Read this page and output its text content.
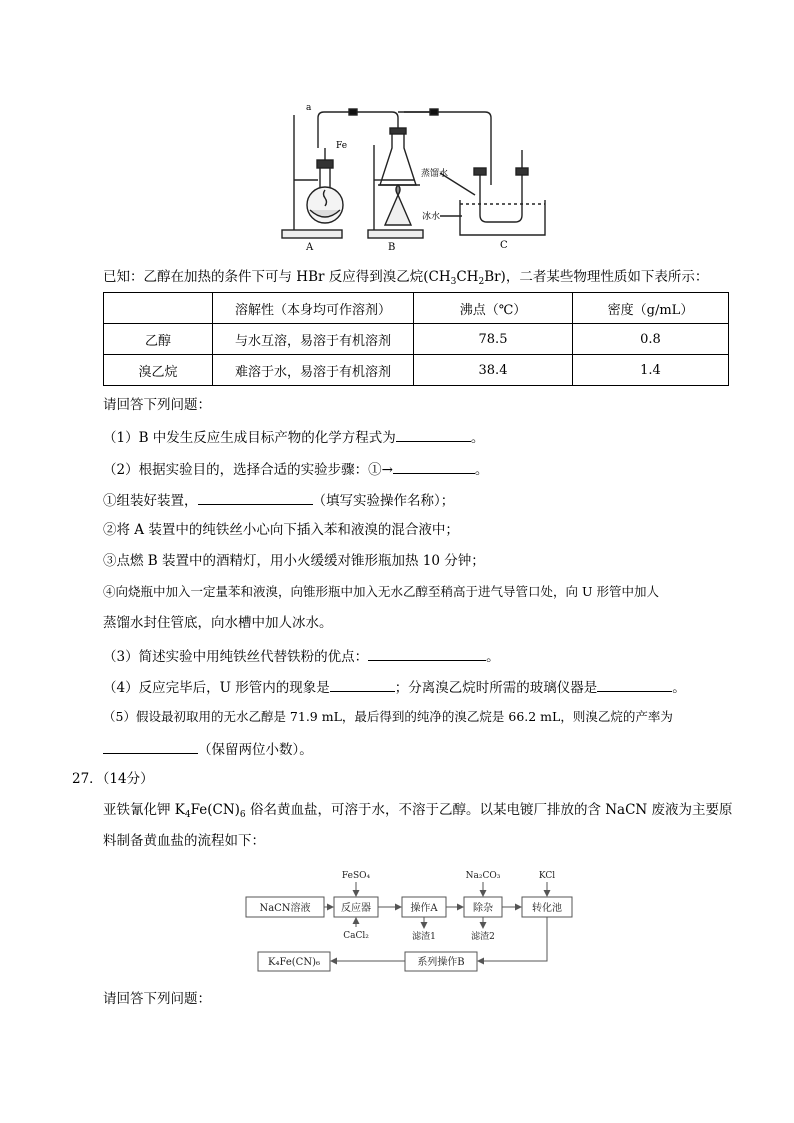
a
Fe
蒸馏水
冰水
A	B	C
已知：乙醇在加热的条件下可与 HBr 反应得到溴乙烷$(CH_3CH_2Br)$，二者某些物理性质如下表所示：
	溶解性（本身均可作溶剂）	沸点（℃）	密度（g/mL）
乙醇	与水互溶，易溶于有机溶剂	78.5	0.8
溴乙烷	难溶于水，易溶于有机溶剂	38.4	1.4
请回答下列问题：
（1）B 中发生反应生成目标产物的化学方程式为	。
（2）根据实验目的，选择合适的实验步骤：①→	。
①组装好装置，	（填写实验操作名称）；
②将 A 装置中的纯铁丝小心向下插入苯和液溴的混合液中；
③点燃 B 装置中的酒精灯，用小火缓缓对锥形瓶加热 10 分钟；
④向烧瓶中加入一定量苯和液溴，向锥形瓶中加入无水乙醇至稍高于进气导管口处，向 U 形管中加人
蒸馏水封住管底，向水槽中加人冰水。
（3）简述实验中用纯铁丝代替铁粉的优点：	。
（4）反应完毕后，U 形管内的现象是	；分离溴乙烷时所需的玻璃仪器是	。
（5）假设最初取用的无水乙醇是 71.9 mL，最后得到的纯净的溴乙烷是 66.2 mL，则溴乙烷的产率为
（保留两位小数）。
27．（14分）
亚铁氰化钾 $K_4Fe(CN)_6$ 俗名黄血盐，可溶于水，不溶于乙醇。以某电镀厂排放的含 NaCN 废液为主要原
料制备黄血盐的流程如下：
NaCN溶液	反应器	操作A	除杂	转化池
系列操作B
K₄Fe(CN)₆
FeSO₄	Na₂CO₃	KCl
CaCl₂	滤渣1	滤渣2
请回答下列问题：
